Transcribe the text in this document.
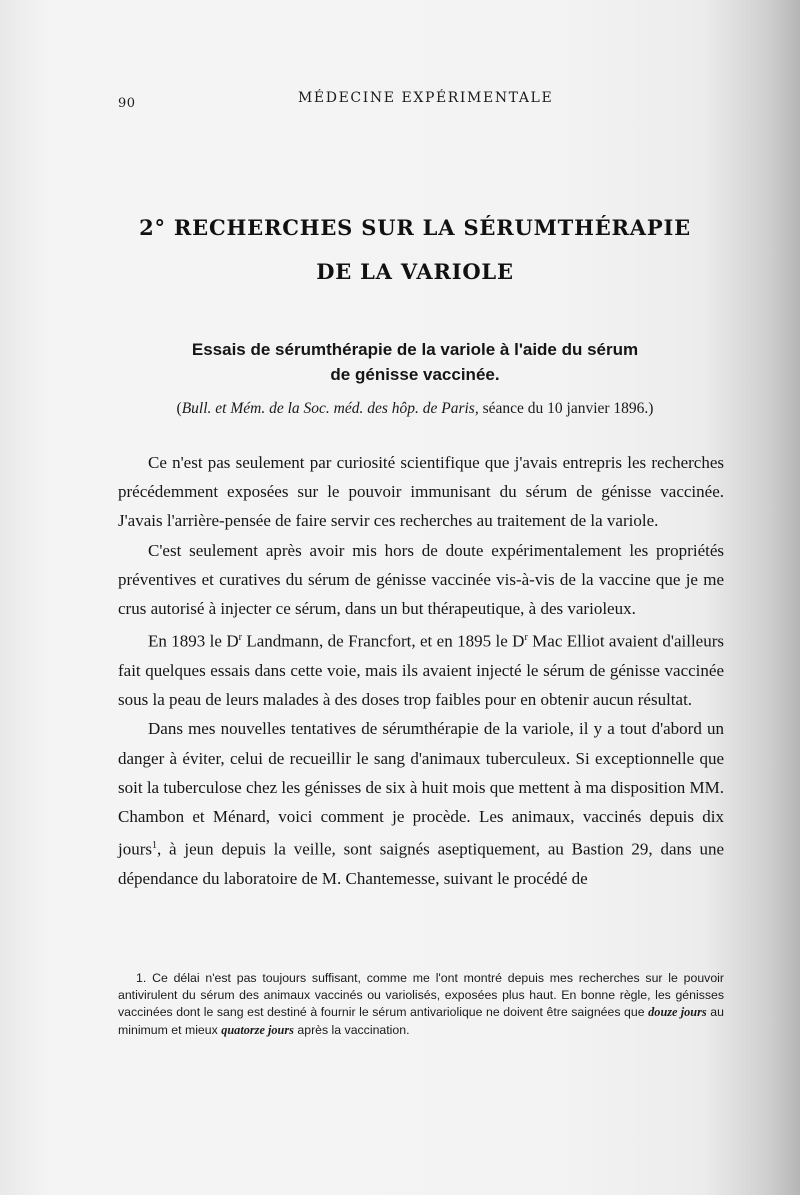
90	MÉDECINE EXPÉRIMENTALE
2° RECHERCHES SUR LA SÉRUMTHÉRAPIE
DE LA VARIOLE
Essais de sérumthérapie de la variole à l'aide du sérum
de génisse vaccinée.
(Bull. et Mém. de la Soc. méd. des hôp. de Paris, séance du 10 janvier 1896.)

Ce n'est pas seulement par curiosité scientifique que j'avais entrepris les recherches précédemment exposées sur le pouvoir immunisant du sérum de génisse vaccinée. J'avais l'arrière-pensée de faire servir ces recherches au traitement de la variole.

C'est seulement après avoir mis hors de doute expérimentalement les propriétés préventives et curatives du sérum de génisse vaccinée vis-à-vis de la vaccine que je me crus autorisé à injecter ce sérum, dans un but thérapeutique, à des varioleux.

En 1893 le $D^r$ Landmann, de Francfort, et en 1895 le $D^r$ Mac Elliot avaient d'ailleurs fait quelques essais dans cette voie, mais ils avaient injecté le sérum de génisse vaccinée sous la peau de leurs malades à des doses trop faibles pour en obtenir aucun résultat.

Dans mes nouvelles tentatives de sérumthérapie de la variole, il y a tout d'abord un danger à éviter, celui de recueillir le sang d'animaux tuberculeux. Si exceptionnelle que soit la tuberculose chez les génisses de six à huit mois que mettent à ma disposition MM. Chambon et Ménard, voici comment je procède. Les animaux, vaccinés depuis dix jours$^1$, à jeun depuis la veille, sont saignés aseptiquement, au Bastion 29, dans une dépendance du laboratoire de M. Chantemesse, suivant le procédé de

1. Ce délai n'est pas toujours suffisant, comme me l'ont montré depuis mes recherches sur le pouvoir antivirulent du sérum des animaux vaccinés ou variolisés, exposées plus haut. En bonne règle, les génisses vaccinées dont le sang est destiné à fournir le sérum antivariolique ne doivent être saignées que douze jours au minimum et mieux quatorze jours après la vaccination.
